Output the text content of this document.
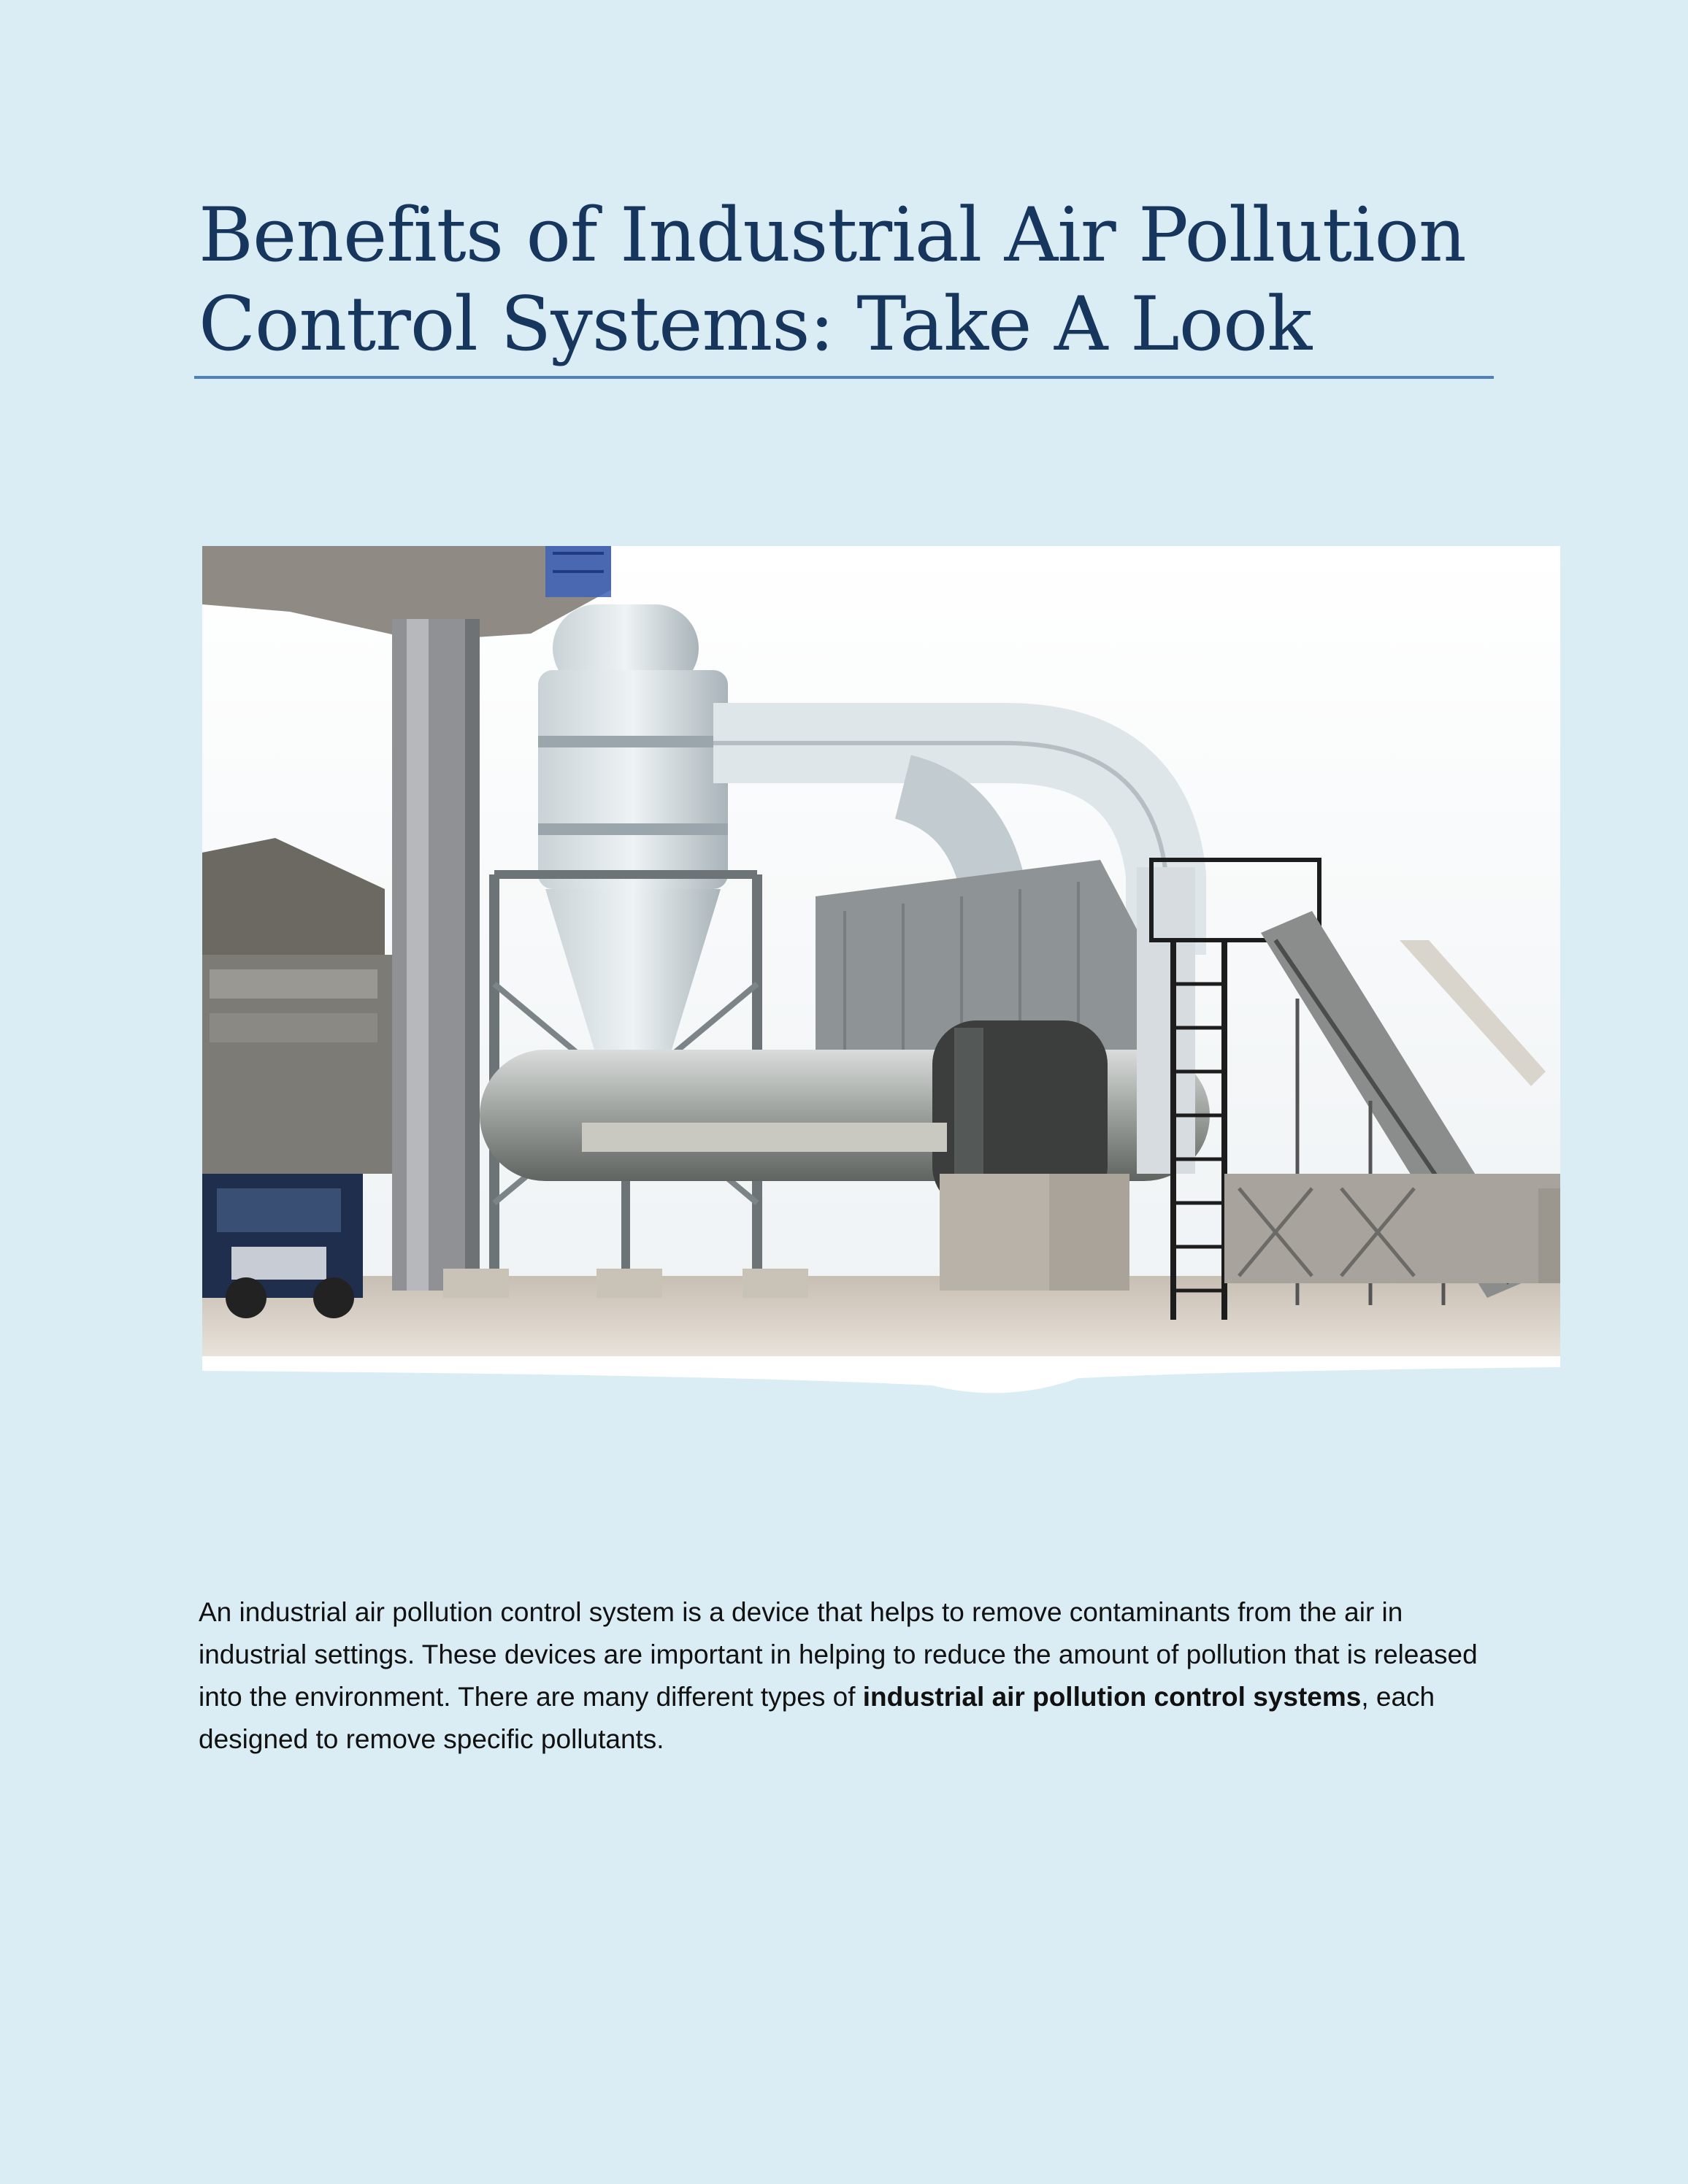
Benefits of Industrial Air Pollution
Control Systems: Take A Look

An industrial air pollution control system is a device that helps to remove contaminants from the air in industrial settings. These devices are important in helping to reduce the amount of pollution that is released into the environment. There are many different types of industrial air pollution control systems, each designed to remove specific pollutants.
